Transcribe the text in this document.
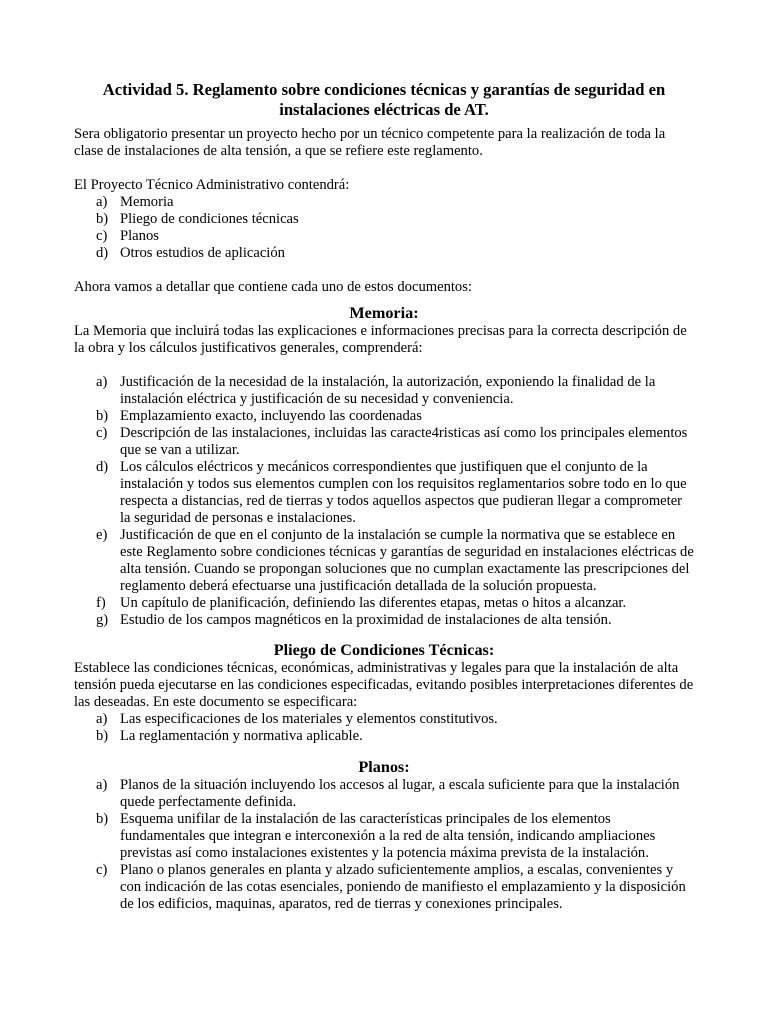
Actividad 5. Reglamento sobre condiciones técnicas y garantías de seguridad en instalaciones eléctricas de AT.

Sera obligatorio presentar un proyecto hecho por un técnico competente para la realización de toda la clase de instalaciones de alta tensión, a que se refiere este reglamento.

El Proyecto Técnico Administrativo contendrá:

a) Memoria
b) Pliego de condiciones técnicas
c) Planos
d) Otros estudios de aplicación

Ahora vamos a detallar que contiene cada uno de estos documentos:

Memoria:

La Memoria que incluirá todas las explicaciones e informaciones precisas para la correcta descripción de la obra y los cálculos justificativos generales, comprenderá:

a) Justificación de la necesidad de la instalación, la autorización, exponiendo la finalidad de la instalación eléctrica y justificación de su necesidad y conveniencia.
b) Emplazamiento exacto, incluyendo las coordenadas
c) Descripción de las instalaciones, incluidas las caracte4risticas así como los principales elementos que se van a utilizar.
d) Los cálculos eléctricos y mecánicos correspondientes que justifiquen que el conjunto de la instalación y todos sus elementos cumplen con los requisitos reglamentarios sobre todo en lo que respecta a distancias, red de tierras y todos aquellos aspectos que pudieran llegar a comprometer la seguridad de personas e instalaciones.
e) Justificación de que en el conjunto de la instalación se cumple la normativa que se establece en este Reglamento sobre condiciones técnicas y garantías de seguridad en instalaciones eléctricas de alta tensión. Cuando se propongan soluciones que no cumplan exactamente las prescripciones del reglamento deberá efectuarse una justificación detallada de la solución propuesta.
f) Un capítulo de planificación, definiendo las diferentes etapas, metas o hitos a alcanzar.
g) Estudio de los campos magnéticos en la proximidad de instalaciones de alta tensión.
Pliego de Condiciones Técnicas:

Establece las condiciones técnicas, económicas, administrativas y legales para que la instalación de alta tensión pueda ejecutarse en las condiciones especificadas, evitando posibles interpretaciones diferentes de las deseadas. En este documento se especificara:

a) Las especificaciones de los materiales y elementos constitutivos.
b) La reglamentación y normativa aplicable.
Planos:
a) Planos de la situación incluyendo los accesos al lugar, a escala suficiente para que la instalación quede perfectamente definida.
b) Esquema unifilar de la instalación de las características principales de los elementos fundamentales que integran e interconexión a la red de alta tensión, indicando ampliaciones previstas así como instalaciones existentes y la potencia máxima prevista de la instalación.
c) Plano o planos generales en planta y alzado suficientemente amplios, a escalas, convenientes y con indicación de las cotas esenciales, poniendo de manifiesto el emplazamiento y la disposición de los edificios, maquinas, aparatos, red de tierras y conexiones principales.
